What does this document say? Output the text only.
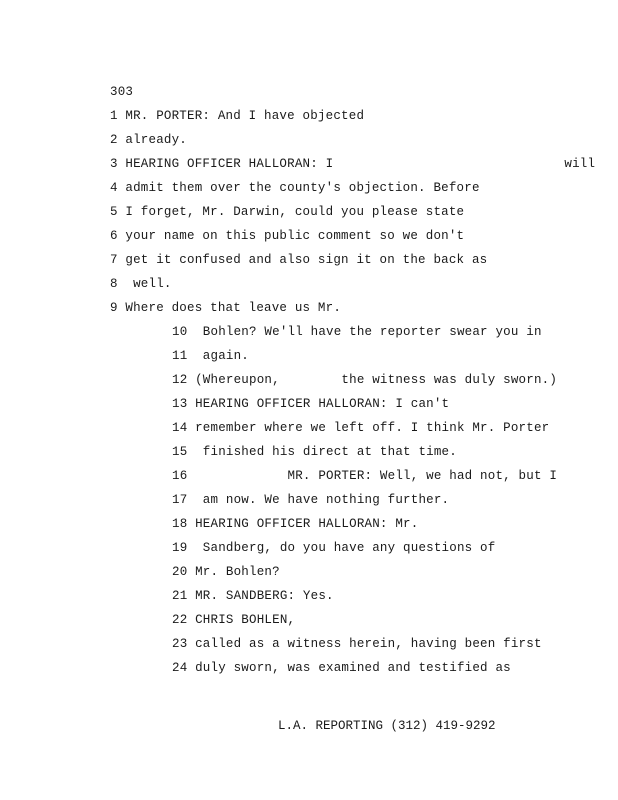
303
1 MR. PORTER: And I have objected
2 already.
3 HEARING OFFICER HALLORAN: I                              will
4 admit them over the county's objection. Before
5 I forget, Mr. Darwin, could you please state
6 your name on this public comment so we don't
7 get it confused and also sign it on the back as
8  well.
9 Where does that leave us Mr.
10  Bohlen? We'll have the reporter swear you in
11  again.
12 (Whereupon,        the witness was duly sworn.)
13 HEARING OFFICER HALLORAN: I can't
14 remember where we left off. I think Mr. Porter
15  finished his direct at that time.
16             MR. PORTER: Well, we had not, but I
17  am now. We have nothing further.
18 HEARING OFFICER HALLORAN: Mr.
19  Sandberg, do you have any questions of
20 Mr. Bohlen?
21 MR. SANDBERG: Yes.
22 CHRIS BOHLEN,
23 called as a witness herein, having been first
24 duly sworn, was examined and testified as
L.A. REPORTING (312) 419-9292
